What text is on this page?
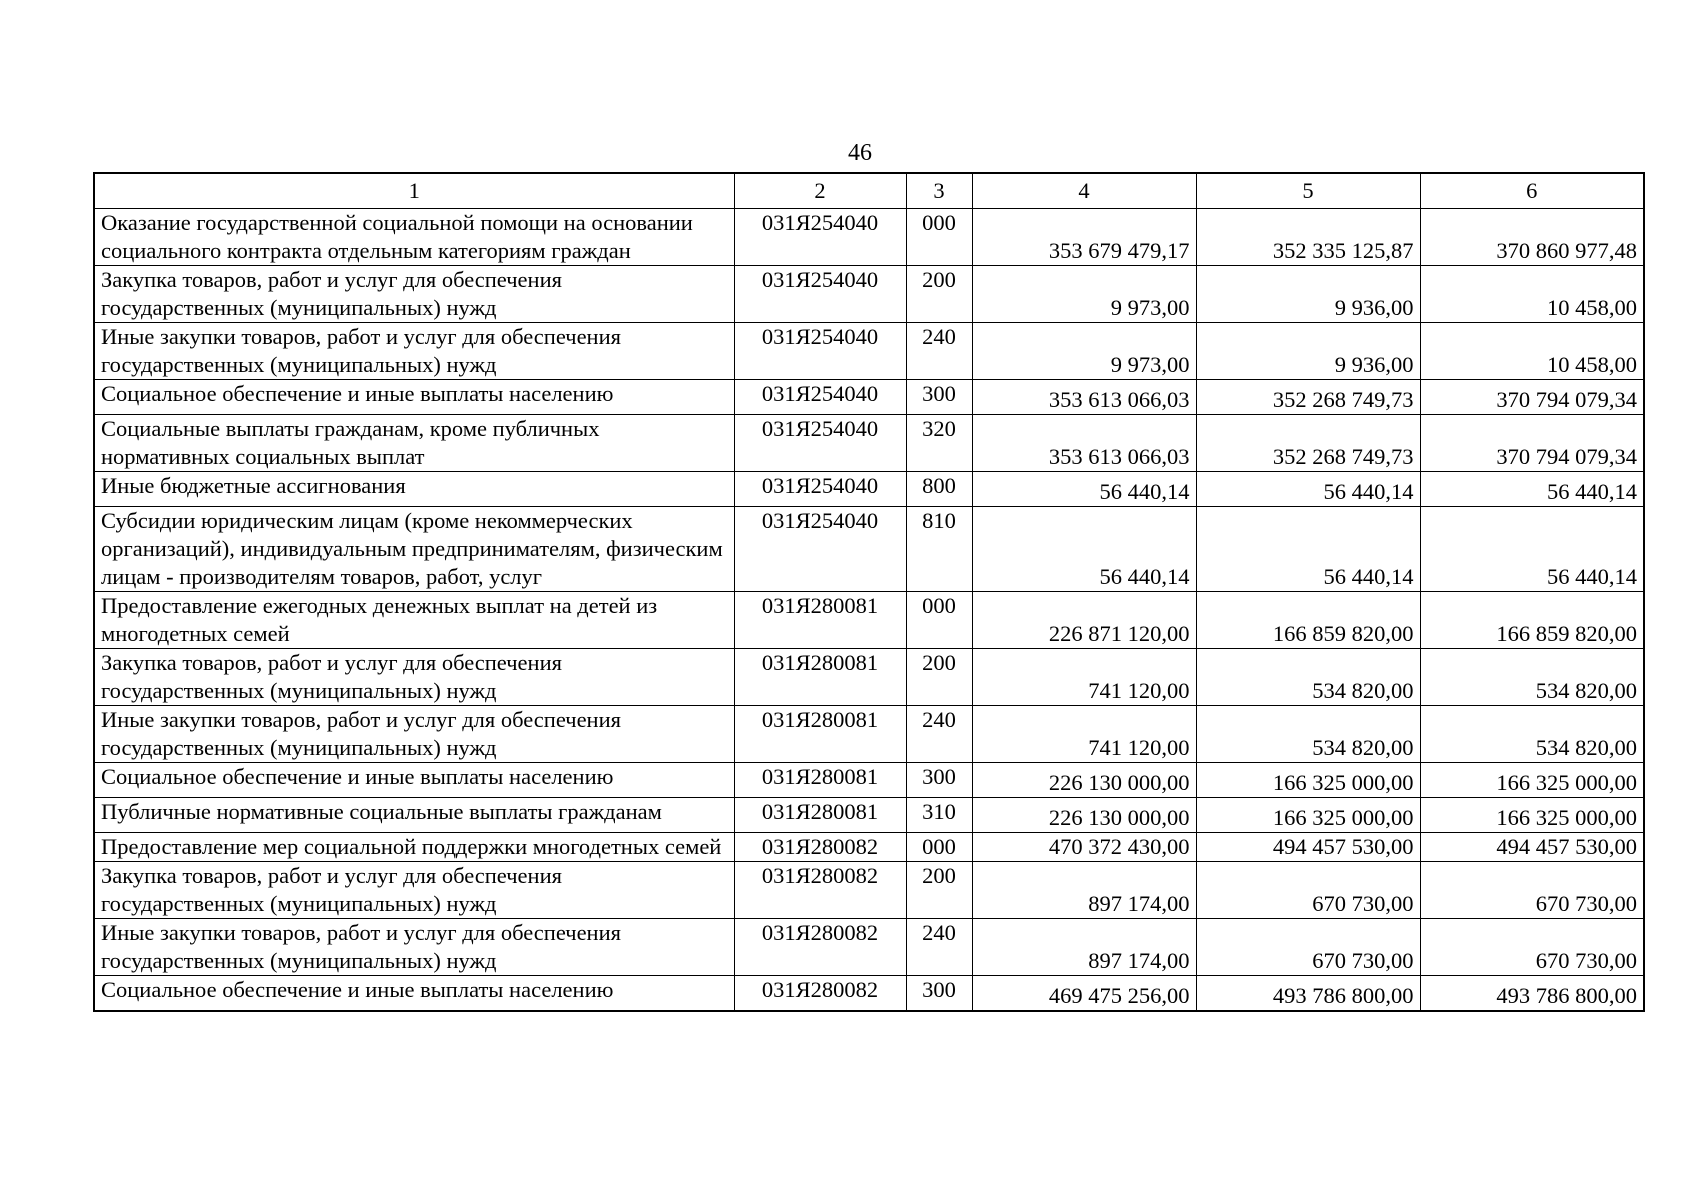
46
1	2	3	4	5	6
Оказание государственной социальной помощи на основании социального контракта отдельным категориям граждан	031Я254040	000	353 679 479,17	352 335 125,87	370 860 977,48
Закупка товаров, работ и услуг для обеспечения государственных (муниципальных) нужд	031Я254040	200	9 973,00	9 936,00	10 458,00
Иные закупки товаров, работ и услуг для обеспечения государственных (муниципальных) нужд	031Я254040	240	9 973,00	9 936,00	10 458,00
Социальное обеспечение и иные выплаты населению	031Я254040	300	353 613 066,03	352 268 749,73	370 794 079,34
Социальные выплаты гражданам, кроме публичных нормативных социальных выплат	031Я254040	320	353 613 066,03	352 268 749,73	370 794 079,34
Иные бюджетные ассигнования	031Я254040	800	56 440,14	56 440,14	56 440,14
Субсидии юридическим лицам (кроме некоммерческих организаций), индивидуальным предпринимателям, физическим лицам - производителям товаров, работ, услуг	031Я254040	810	56 440,14	56 440,14	56 440,14
Предоставление ежегодных денежных выплат на детей из многодетных семей	031Я280081	000	226 871 120,00	166 859 820,00	166 859 820,00
Закупка товаров, работ и услуг для обеспечения государственных (муниципальных) нужд	031Я280081	200	741 120,00	534 820,00	534 820,00
Иные закупки товаров, работ и услуг для обеспечения государственных (муниципальных) нужд	031Я280081	240	741 120,00	534 820,00	534 820,00
Социальное обеспечение и иные выплаты населению	031Я280081	300	226 130 000,00	166 325 000,00	166 325 000,00
Публичные нормативные социальные выплаты гражданам	031Я280081	310	226 130 000,00	166 325 000,00	166 325 000,00
Предоставление мер социальной поддержки многодетных семей	031Я280082	000	470 372 430,00	494 457 530,00	494 457 530,00
Закупка товаров, работ и услуг для обеспечения государственных (муниципальных) нужд	031Я280082	200	897 174,00	670 730,00	670 730,00
Иные закупки товаров, работ и услуг для обеспечения государственных (муниципальных) нужд	031Я280082	240	897 174,00	670 730,00	670 730,00
Социальное обеспечение и иные выплаты населению	031Я280082	300	469 475 256,00	493 786 800,00	493 786 800,00
